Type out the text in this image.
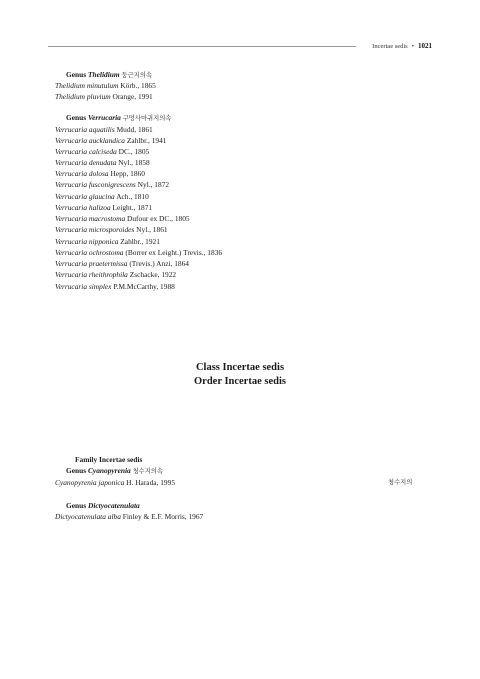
Incertae sedis • 1021
Genus Thelidium 둥근지의속
Thelidium minutulum Körb., 1865
Thelidium pluvium Orange, 1991
Genus Verrucaria 구멍사마귀지의속
Verrucaria aquatilis Mudd, 1861
Verrucaria aucklandica Zahlbr., 1941
Verrucaria calciseda DC., 1805
Verrucaria denudata Nyl., 1858
Verrucaria dolosa Hepp, 1860
Verrucaria fusconigrescens Nyl., 1872
Verrucaria glaucina Ach., 1810
Verrucaria halizoa Leight., 1871
Verrucaria macrostoma Dufour ex DC., 1805
Verrucaria microsporoides Nyl., 1861
Verrucaria nipponica Zahlbr., 1921
Verrucaria ochrostoma (Borrer ex Leight.) Trevis., 1836
Verrucaria praetermissa (Trevis.) Anzi, 1864
Verrucaria rheithrophila Zschacke, 1922
Verrucaria simplex P.M.McCarthy, 1988
Class Incertae sedis
Order Incertae sedis
Family Incertae sedis
Genus Cyanopyrenia 청수지의속
Cyanopyrenia japonica H. Harada, 1995	청수지의
Genus Dictyocatenulata
Dictyocatenulata alba Finley & E.F. Morris, 1967
